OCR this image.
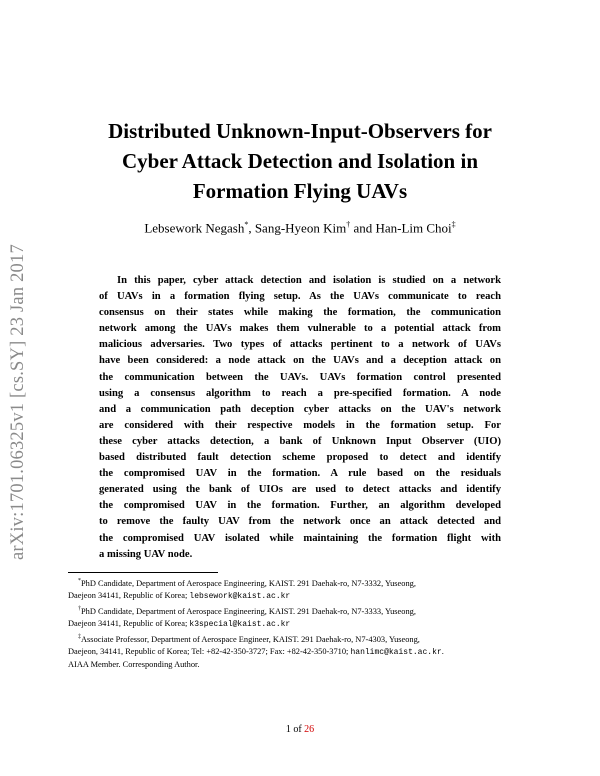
arXiv:1701.06325v1 [cs.SY] 23 Jan 2017
Distributed Unknown-Input-Observers for
Cyber Attack Detection and Isolation in
Formation Flying UAVs
Lebsework Negash*, Sang-Hyeon Kim† and Han-Lim Choi‡
In this paper, cyber attack detection and isolation is studied on a network
of UAVs in a formation flying setup. As the UAVs communicate to reach
consensus on their states while making the formation, the communication
network among the UAVs makes them vulnerable to a potential attack from
malicious adversaries. Two types of attacks pertinent to a network of UAVs
have been considered: a node attack on the UAVs and a deception attack on
the communication between the UAVs. UAVs formation control presented
using a consensus algorithm to reach a pre-specified formation. A node
and a communication path deception cyber attacks on the UAV's network
are considered with their respective models in the formation setup. For
these cyber attacks detection, a bank of Unknown Input Observer (UIO)
based distributed fault detection scheme proposed to detect and identify
the compromised UAV in the formation. A rule based on the residuals
generated using the bank of UIOs are used to detect attacks and identify
the compromised UAV in the formation. Further, an algorithm developed
to remove the faulty UAV from the network once an attack detected and
the compromised UAV isolated while maintaining the formation flight with
a missing UAV node.
*PhD Candidate, Department of Aerospace Engineering, KAIST. 291 Daehak-ro, N7-3332, Yuseong,
Daejeon 34141, Republic of Korea; lebsework@kaist.ac.kr
†PhD Candidate, Department of Aerospace Engineering, KAIST. 291 Daehak-ro, N7-3333, Yuseong,
Daejeon 34141, Republic of Korea; k3special@kaist.ac.kr
‡Associate Professor, Department of Aerospace Engineer, KAIST. 291 Daehak-ro, N7-4303, Yuseong,
Daejeon, 34141, Republic of Korea; Tel: +82-42-350-3727; Fax: +82-42-350-3710; hanlimc@kaist.ac.kr.
AIAA Member. Corresponding Author.
1 of 26
